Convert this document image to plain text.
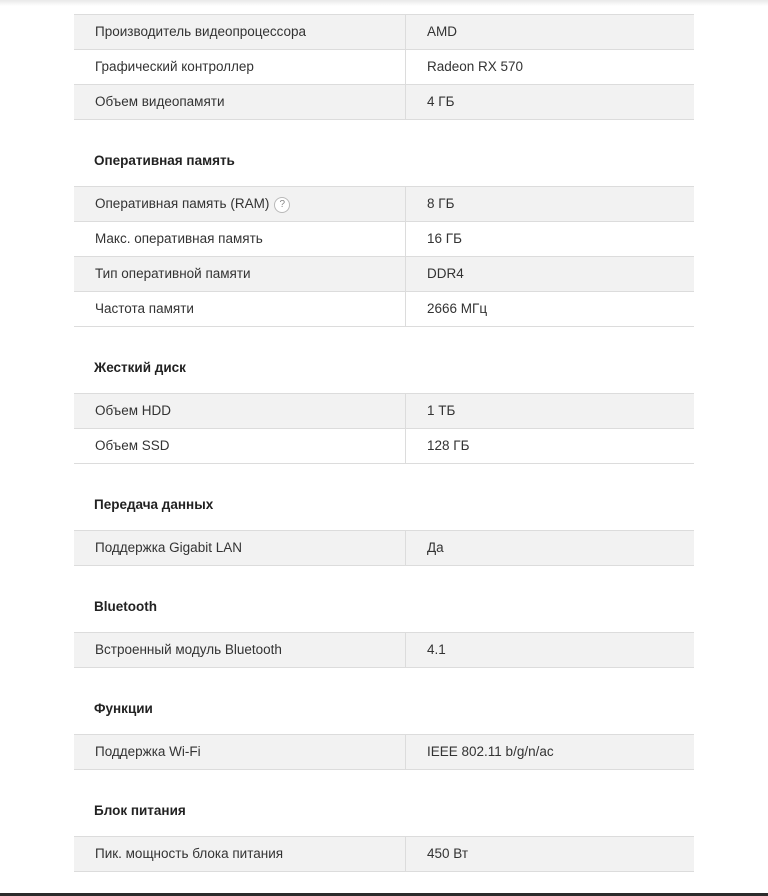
Производитель видеопроцессора	AMD
Графический контроллер	Radeon RX 570
Объем видеопамяти	4 ГБ
Оперативная память
Оперативная память (RAM) ?	8 ГБ
Макс. оперативная память	16 ГБ
Тип оперативной памяти	DDR4
Частота памяти	2666 МГц
Жесткий диск
Объем HDD	1 ТБ
Объем SSD	128 ГБ
Передача данных
Поддержка Gigabit LAN	Да
Bluetooth
Встроенный модуль Bluetooth	4.1
Функции
Поддержка Wi-Fi	IEEE 802.11 b/g/n/ac
Блок питания
Пик. мощность блока питания	450 Вт
